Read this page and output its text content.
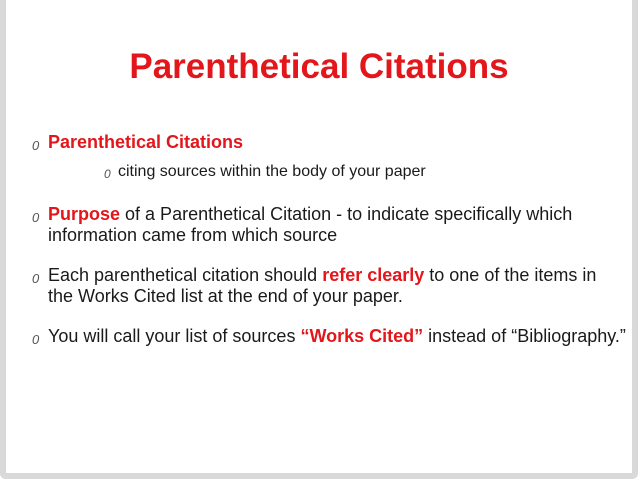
Parenthetical Citations
0 Parenthetical Citations
0 citing sources within the body of your paper
0 Purpose of a Parenthetical Citation - to indicate specifically which information came from which source
0 Each parenthetical citation should refer clearly to one of the items in the Works Cited list at the end of your paper.
0 You will call your list of sources “Works Cited” instead of “Bibliography.”
